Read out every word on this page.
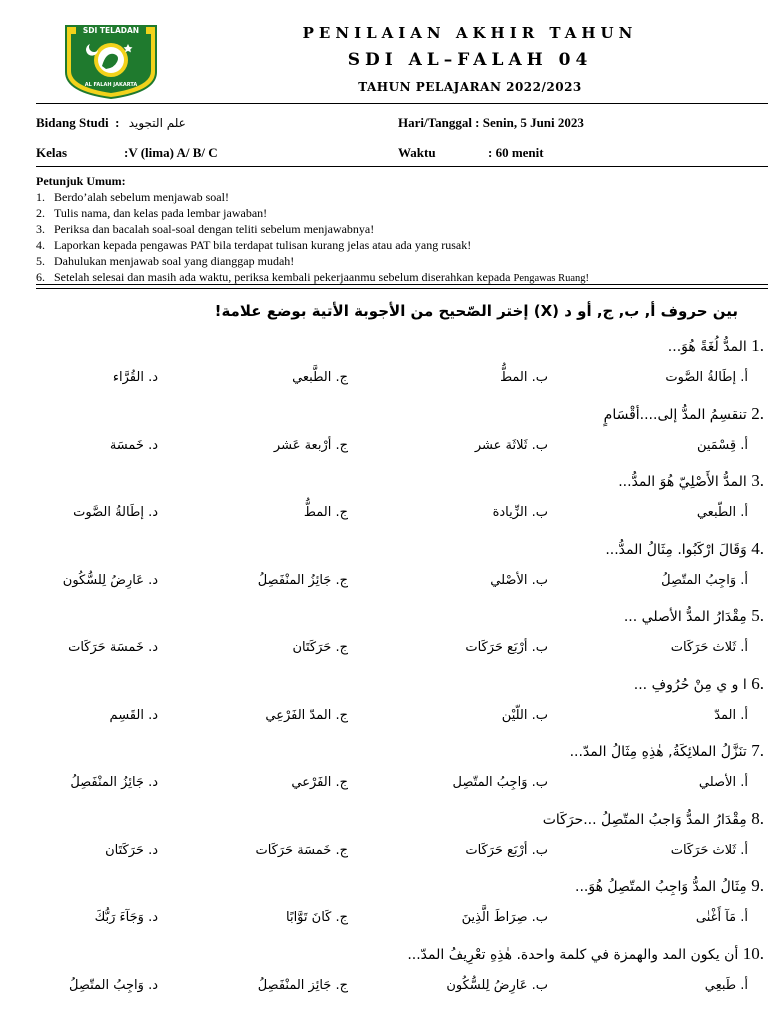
SDI TELADAN
AL FALAH JAKARTA
PENILAIAN AKHIR TAHUN
SDI AL–FALAH 04
TAHUN PELAJARAN 2022/2023
Bidang Studi  : علم التجويد	Hari/Tanggal : Senin, 5 Juni 2023
Kelas	:V (lima) A/ B/ C	Waktu	: 60 menit
Petunjuk Umum:
1. Berdo’alah sebelum menjawab soal!
2. Tulis nama, dan kelas pada lembar jawaban!
3. Periksa dan bacalah soal-soal dengan teliti sebelum menjawabnya!
4. Laporkan kepada pengawas PAT bila terdapat tulisan kurang jelas atau ada yang rusak!
5. Dahulukan menjawab soal yang dianggap mudah!
6. Setelah selesai dan masih ada waktu, periksa kembali pekerjaanmu sebelum diserahkan kepada Pengawas Ruang!
بين حروف أ, ب, ج, أو د (X) إختر الصّحيح من الأجوبة الأتية بوضع علامة!
1. المدُّ لُغَةً هُوَ...
أ. إطَالةُ الصَّوت
ب. المطُّ
ج. الطَّبعي
د. القُرَّاء
2. تنقسِمُ المدُّ إلى....أقْسَامٍ
أ. قِسْمَين
ب. ثَلاثَة عشر
ج. أرْبعة عَشر
د. خَمسَة
3. المدُّ الأَصْلِيّ هُوَ المدُّ...
أ. الطّبعي
ب. الزِّيادة
ج. المطُّ
د. إطَالةُ الصَّوت
4. وَقَالَ ارْكَبُوا. مِثَالُ المدُّ...
أ. وَاجِبُ المتّصِلُ
ب. الأصْلي
ج. جَائِزُ المنْفَصِلُ
د. عَارِضُ لِلسُّكُون
5. مِقْدَارُ المدُّ الأصلي ...
أ. ثَلاث حَرَكَات
ب. أرْبَع حَرَكَات
ج. حَرَكَتَان
د. خَمسَة حَرَكَات
6. ا و ي مِنْ حُرُوفِ ...
أ. المدّ
ب. اللّيْن
ج. المدّ الفَرْعِي
د. القَسِم
7. تنَزَّلُ الملائِكَةُ, هٰذِهِ مِثَالُ المدّ...
أ. الأصلي
ب. وَاجِبُ المتّصِل
ج. الفَرْعي
د. جَائِزُ المنْفَصِلُ
8. مِقْدَارُ المدُّ وَاجبُ المتّصِلُ ...حرَكَات
أ. ثَلاث حَرَكَات
ب. أرْبَع حَرَكَات
ج. خَمسَة حَرَكَات
د. حَرَكَتَان
9. مِثَالُ المدُّ وَاجِبُ المتّصِلُ هُوَ...
أ. مَآ أَغْنٰى
ب. صِرَاطَ الَّذِينَ
ج. كَانَ تَوَّابًا
د. وَجَآءَ رَبُّكَ
10. أن يكون المد والهمزة في كلمة واحدة. هٰذِهِ تعْرِيفُ المدّ...
أ. طَبعِي
ب. عَارِضُ لِلسُّكُون
ج. جَائِز المنْفَصِلُ
د. وَاجِبُ المتّصِلُ
